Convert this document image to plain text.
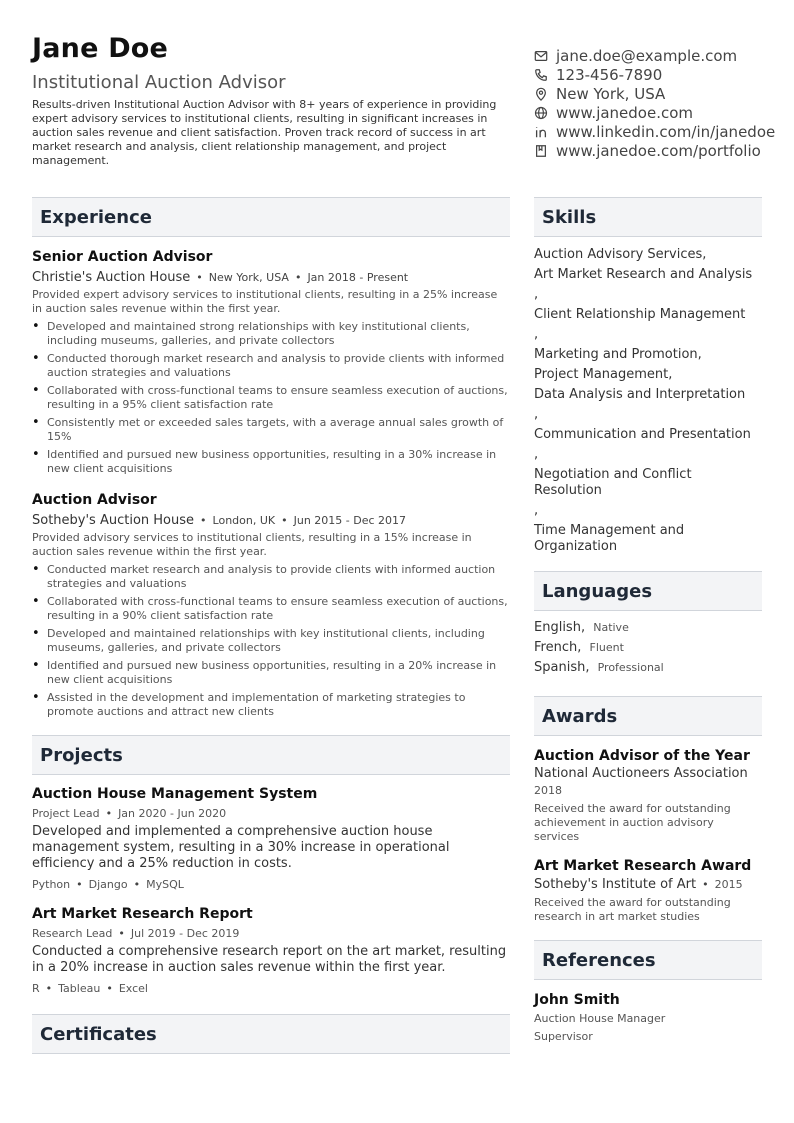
Jane Doe
Institutional Auction Advisor
Results-driven Institutional Auction Advisor with 8+ years of experience in providing expert advisory services to institutional clients, resulting in significant increases in auction sales revenue and client satisfaction. Proven track record of success in art market research and analysis, client relationship management, and project management.
jane.doe@example.com
123-456-7890
New York, USA
www.janedoe.com
www.linkedin.com/in/janedoe
www.janedoe.com/portfolio
Experience
Senior Auction Advisor
Christie's Auction House • New York, USA • Jan 2018 - Present
Provided expert advisory services to institutional clients, resulting in a 25% increase in auction sales revenue within the first year.
• Developed and maintained strong relationships with key institutional clients, including museums, galleries, and private collectors
• Conducted thorough market research and analysis to provide clients with informed auction strategies and valuations
• Collaborated with cross-functional teams to ensure seamless execution of auctions, resulting in a 95% client satisfaction rate
• Consistently met or exceeded sales targets, with a average annual sales growth of 15%
• Identified and pursued new business opportunities, resulting in a 30% increase in new client acquisitions
Auction Advisor
Sotheby's Auction House • London, UK • Jun 2015 - Dec 2017
Provided advisory services to institutional clients, resulting in a 15% increase in auction sales revenue within the first year.
• Conducted market research and analysis to provide clients with informed auction strategies and valuations
• Collaborated with cross-functional teams to ensure seamless execution of auctions, resulting in a 90% client satisfaction rate
• Developed and maintained relationships with key institutional clients, including museums, galleries, and private collectors
• Identified and pursued new business opportunities, resulting in a 20% increase in new client acquisitions
• Assisted in the development and implementation of marketing strategies to promote auctions and attract new clients
Projects
Auction House Management System
Project Lead • Jan 2020 - Jun 2020
Developed and implemented a comprehensive auction house management system, resulting in a 30% increase in operational efficiency and a 25% reduction in costs.
Python • Django • MySQL
Art Market Research Report
Research Lead • Jul 2019 - Dec 2019
Conducted a comprehensive research report on the art market, resulting in a 20% increase in auction sales revenue within the first year.
R • Tableau • Excel
Certificates
Skills
Auction Advisory Services,
Art Market Research and Analysis
,
Client Relationship Management
,
Marketing and Promotion,
Project Management,
Data Analysis and Interpretation
,
Communication and Presentation
,
Negotiation and Conflict Resolution
,
Time Management and Organization
Languages
English, Native
French, Fluent
Spanish, Professional
Awards
Auction Advisor of the Year
National Auctioneers Association
2018
Received the award for outstanding achievement in auction advisory services
Art Market Research Award
Sotheby's Institute of Art • 2015
Received the award for outstanding research in art market studies
References
John Smith
Auction House Manager
Supervisor
